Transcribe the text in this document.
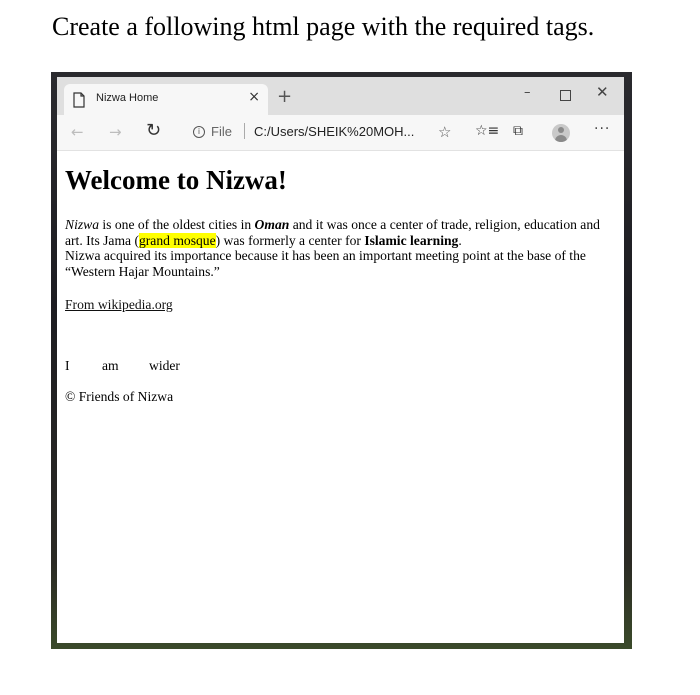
Create a following html page with the required tags.
Nizwa Home	× +	–	✕
← → ↻	i File C:/Users/SHEIK%20MOH... ☆ ☆≡ ⧉	···
Welcome to Nizwa!

Nizwa is one of the oldest cities in Oman and it was once a center of trade, religion, education and art. Its Jama (grand mosque) was formerly a center for Islamic learning.
Nizwa acquired its importance because it has been an important meeting point at the base of the “Western Hajar Mountains.”

From wikipedia.org
I am wider
© Friends of Nizwa
